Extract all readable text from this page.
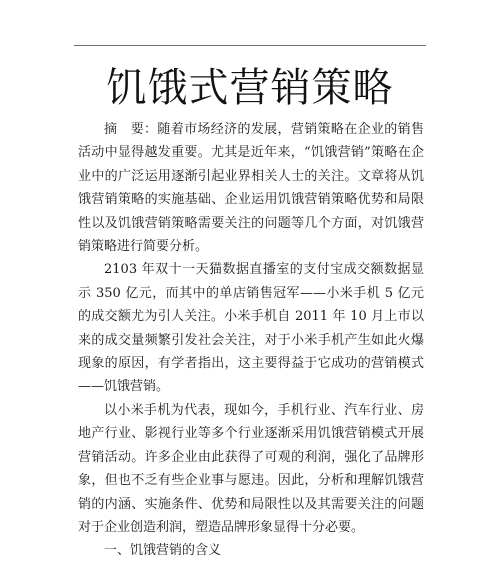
饥饿式营销策略

摘　要：随着市场经济的发展，营销策略在企业的销售活动中显得越发重要。尤其是近年来，“饥饿营销”策略在企业中的广泛运用逐渐引起业界相关人士的关注。文章将从饥饿营销策略的实施基础、企业运用饥饿营销策略优势和局限性以及饥饿营销策略需要关注的问题等几个方面，对饥饿营销策略进行简要分析。

2103 年双十一天猫数据直播室的支付宝成交额数据显示 350 亿元，而其中的单店销售冠军——小米手机 5 亿元的成交额尤为引人关注。小米手机自 2011 年 10 月上市以来的成交量频繁引发社会关注，对于小米手机产生如此火爆现象的原因，有学者指出，这主要得益于它成功的营销模式——饥饿营销。

以小米手机为代表，现如今，手机行业、汽车行业、房地产行业、影视行业等多个行业逐渐采用饥饿营销模式开展营销活动。许多企业由此获得了可观的利润，强化了品牌形象，但也不乏有些企业事与愿违。因此，分析和理解饥饿营销的内涵、实施条件、优势和局限性以及其需要关注的问题对于企业创造利润，塑造品牌形象显得十分必要。

一、饥饿营销的含义
